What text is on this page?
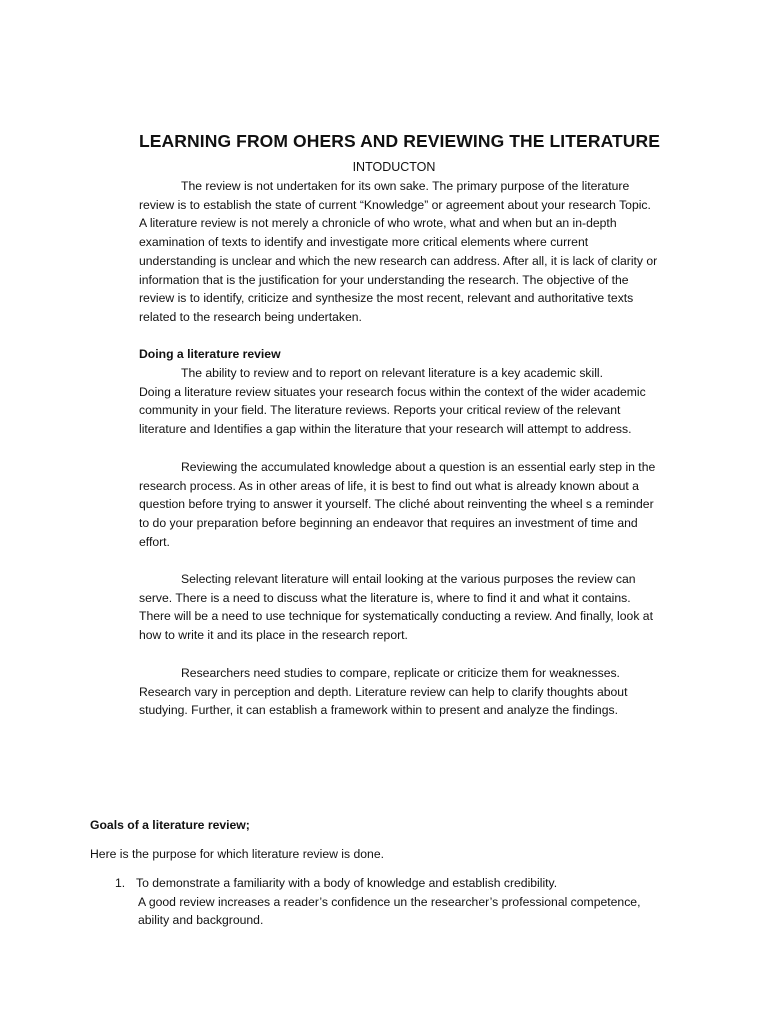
LEARNING FROM OHERS AND REVIEWING THE LITERATURE
INTODUCTON
The review is not undertaken for its own sake. The primary purpose of the literature review is to establish the state of current “Knowledge” or agreement about your research Topic. A literature review is not merely a chronicle of who wrote, what and when but an in-depth examination of texts to identify and investigate more critical elements where current understanding is unclear and which the new research can address. After all, it is lack of clarity or information that is the justification for your understanding the research. The objective of the review is to identify, criticize and synthesize the most recent, relevant and authoritative texts related to the research being undertaken.
Doing a literature review
The ability to review and to report on relevant literature is a key academic skill.
Doing a literature review situates your research focus within the context of the wider academic community in your field. The literature reviews. Reports your critical review of the relevant literature and Identifies a gap within the literature that your research will attempt to address.
Reviewing the accumulated knowledge about a question is an essential early step in the research process. As in other areas of life, it is best to find out what is already known about a question before trying to answer it yourself. The cliché about reinventing the wheel s a reminder to do your preparation before beginning an endeavor that requires an investment of time and effort.
Selecting relevant literature will entail looking at the various purposes the review can serve. There is a need to discuss what the literature is, where to find it and what it contains. There will be a need to use technique for systematically conducting a review. And finally, look at how to write it and its place in the research report.
Researchers need studies to compare, replicate or criticize them for weaknesses. Research vary in perception and depth. Literature review can help to clarify thoughts about studying. Further, it can establish a framework within to present and analyze the findings.
Goals of a literature review;
Here is the purpose for which literature review is done.
1. To demonstrate a familiarity with a body of knowledge and establish credibility.
A good review increases a reader’s confidence un the researcher’s professional competence, ability and background.
